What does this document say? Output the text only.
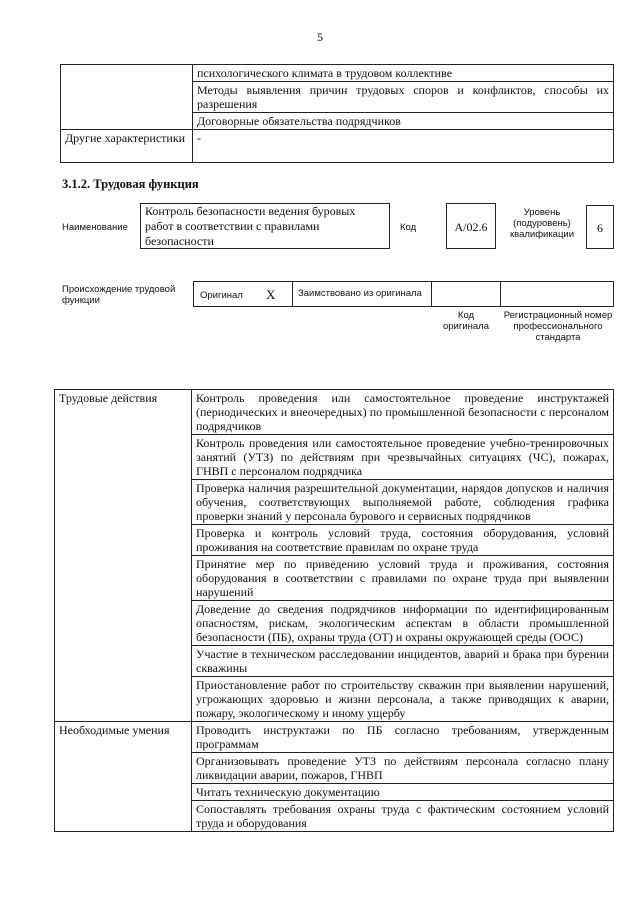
5
	психологического климата в трудовом коллективе
	Методы выявления причин трудовых споров и конфликтов, способы их разрешения
	Договорные обязательства подрядчиков
Другие характеристики	-
3.1.2. Трудовая функция
Наименование
Контроль безопасности ведения буровых работ в соответствии с правилами безопасности
Код	А/02.6
Уровень (подуровень) квалификации	6
Происхождение трудовой функции	Оригинал X	Заимствовано из оригинала
Код оригинала
Регистрационный номер профессионального стандарта
Трудовые действия	Контроль проведения или самостоятельное проведение инструктажей (периодических и внеочередных) по промышленной безопасности с персоналом подрядчиков
	Контроль проведения или самостоятельное проведение учебно-тренировочных занятий (УТЗ) по действиям при чрезвычайных ситуациях (ЧС), пожарах, ГНВП с персоналом подрядчика
	Проверка наличия разрешительной документации, нарядов допусков и наличия обучения, соответствующих выполняемой работе, соблюдения графика проверки знаний у персонала бурового и сервисных подрядчиков
	Проверка и контроль условий труда, состояния оборудования, условий проживания на соответствие правилам по охране труда
	Принятие мер по приведению условий труда и проживания, состояния оборудования в соответствии с правилами по охране труда при выявлении нарушений
	Доведение до сведения подрядчиков информации по идентифицированным опасностям, рискам, экологическим аспектам в области промышленной безопасности (ПБ), охраны труда (ОТ) и охраны окружающей среды (ООС)
	Участие в техническом расследовании инцидентов, аварий и брака при бурении скважины
	Приостановление работ по строительству скважин при выявлении нарушений, угрожающих здоровью и жизни персонала, а также приводящих к аварии, пожару, экологическому и иному ущербу
Необходимые умения	Проводить инструктажи по ПБ согласно требованиям, утвержденным программам
	Организовывать проведение УТЗ по действиям персонала согласно плану ликвидации аварии, пожаров, ГНВП
	Читать техническую документацию
	Сопоставлять требования охраны труда с фактическим состоянием условий труда и оборудования
